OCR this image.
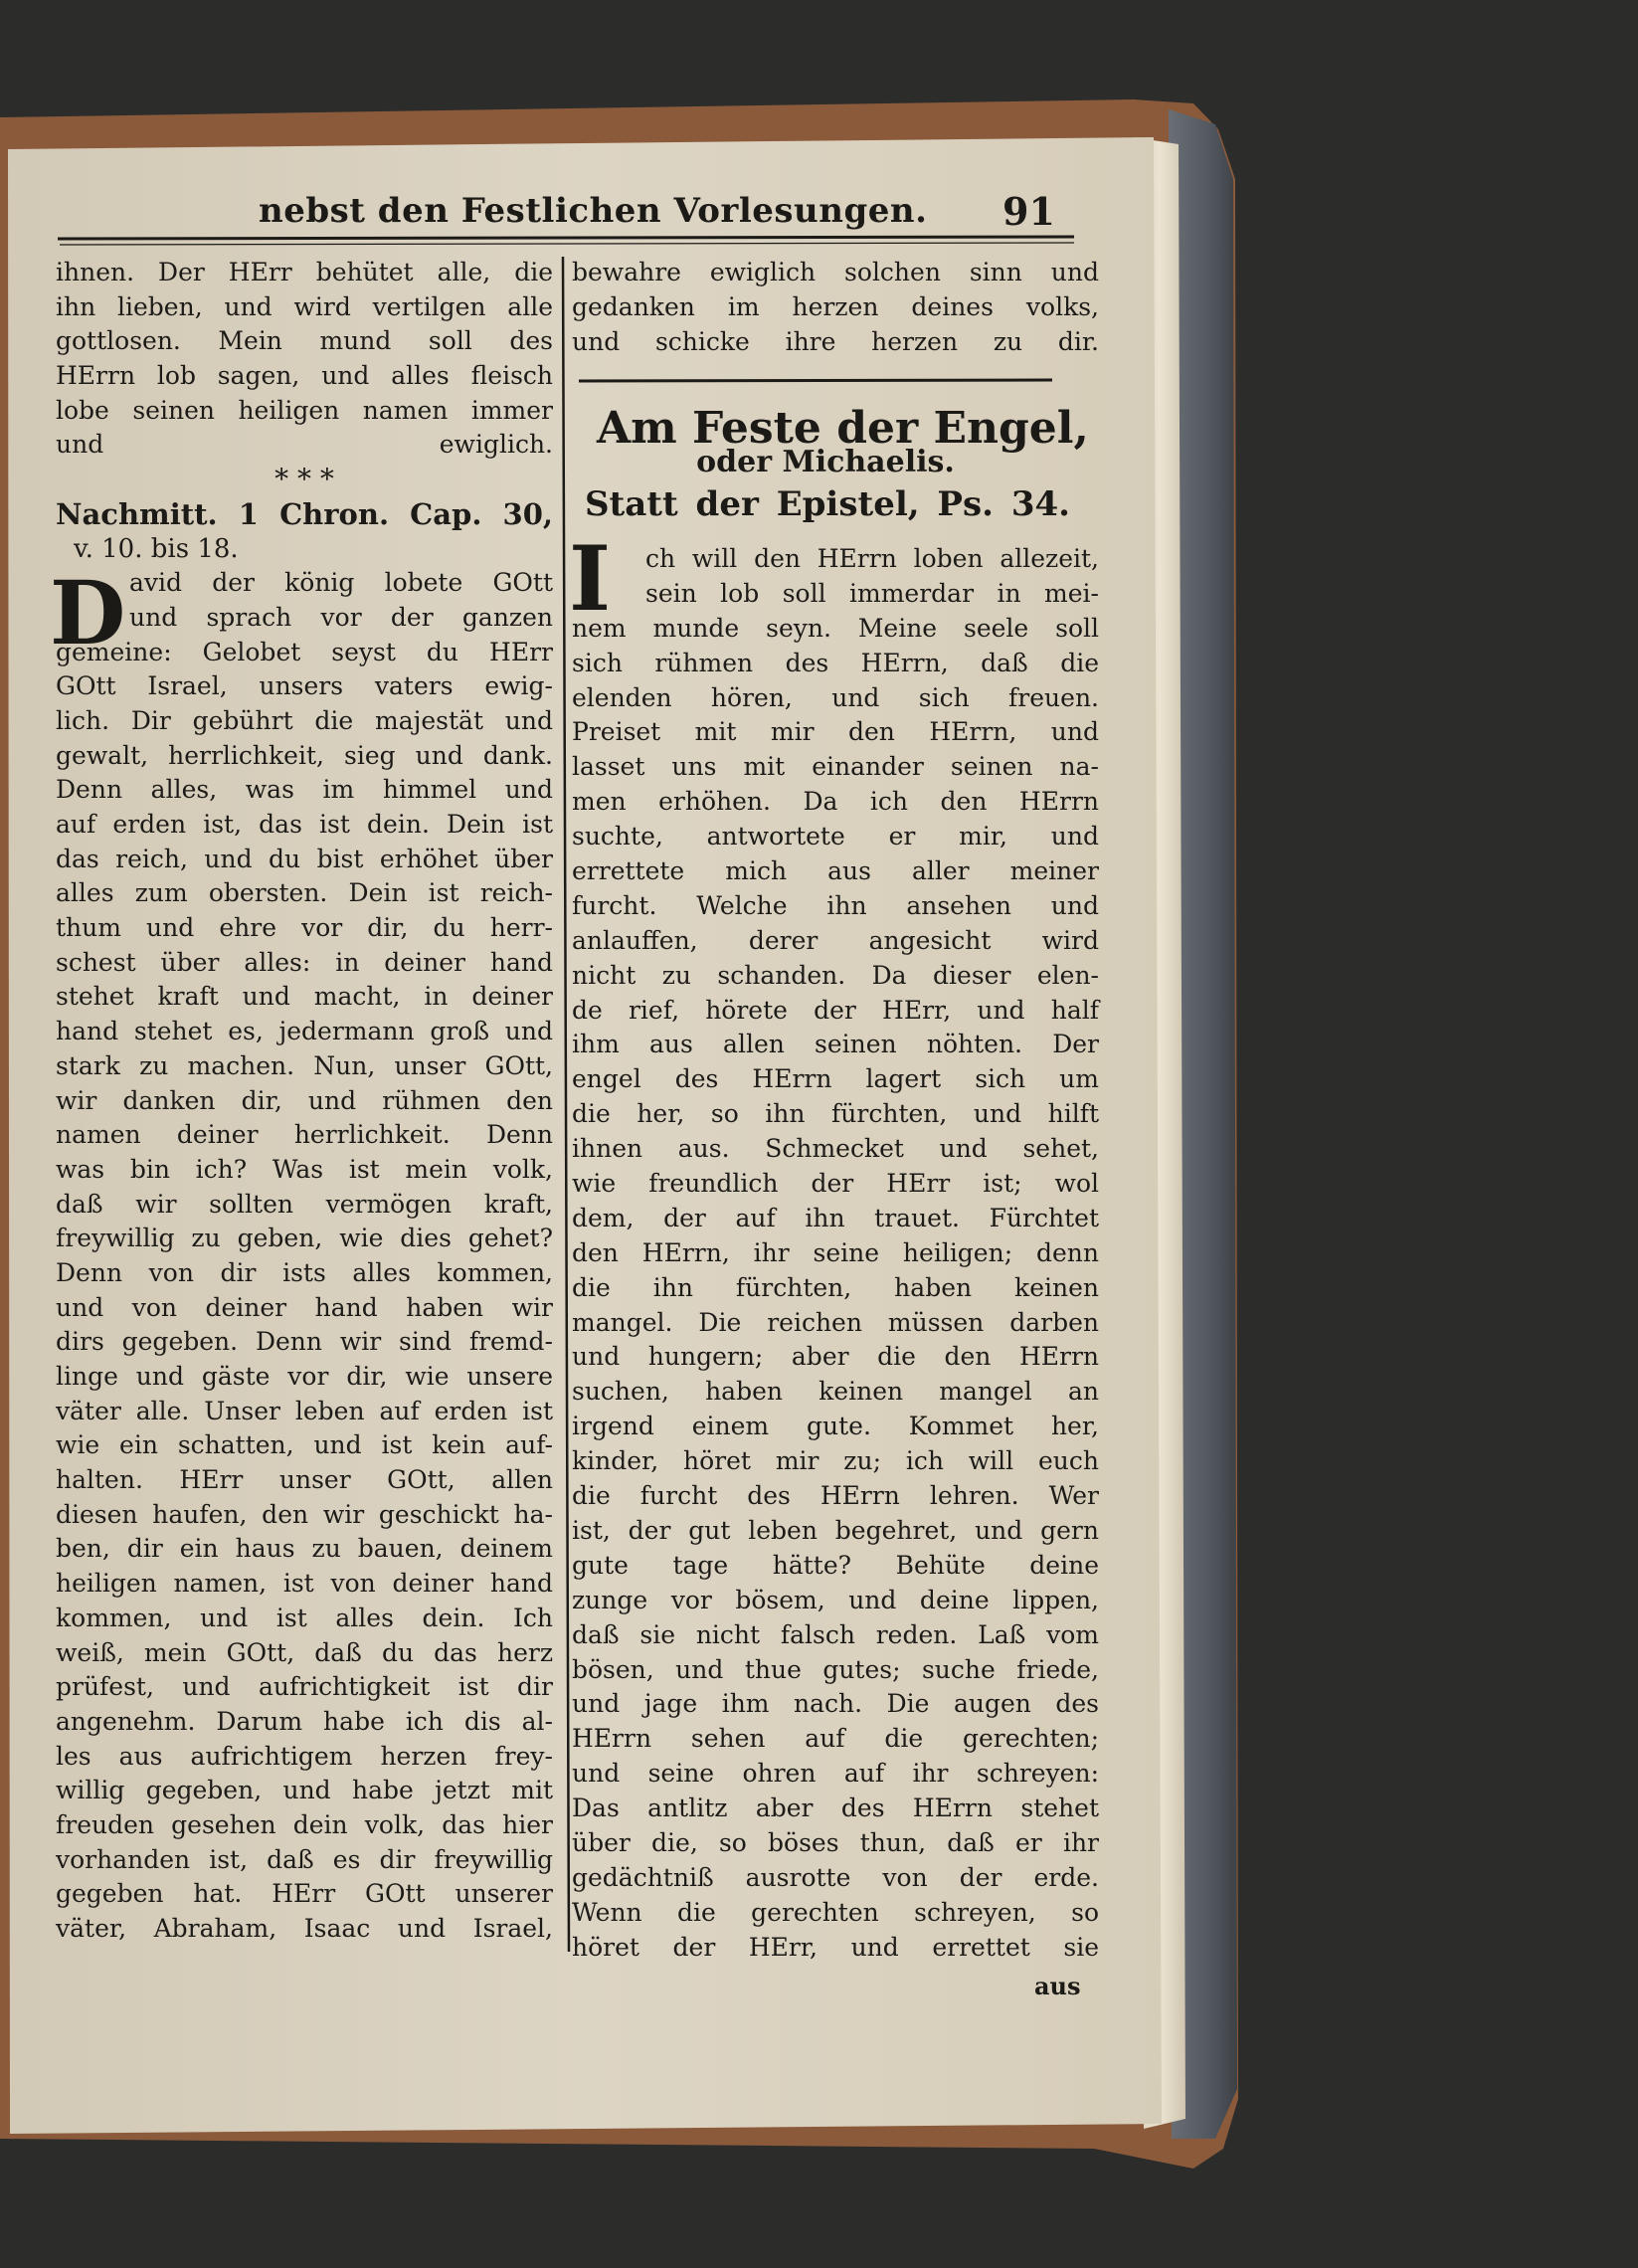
nebst den Festlichen Vorlesungen. 91
D
ihnen. Der HErr behütet alle, die
ihn lieben, und wird vertilgen alle
gottlosen. Mein mund soll des
HErrn lob sagen, und alles fleisch
lobe seinen heiligen namen immer
und ewiglich.
* * *
Nachmitt. 1 Chron. Cap. 30,
v. 10. bis 18.
avid der könig lobete GOtt
und sprach vor der ganzen
gemeine: Gelobet seyst du HErr
GOtt Israel, unsers vaters ewig-
lich. Dir gebührt die majestät und
gewalt, herrlichkeit, sieg und dank.
Denn alles, was im himmel und
auf erden ist, das ist dein. Dein ist
das reich, und du bist erhöhet über
alles zum obersten. Dein ist reich-
thum und ehre vor dir, du herr-
schest über alles: in deiner hand
stehet kraft und macht, in deiner
hand stehet es, jedermann groß und
stark zu machen. Nun, unser GOtt,
wir danken dir, und rühmen den
namen deiner herrlichkeit. Denn
was bin ich? Was ist mein volk,
daß wir sollten vermögen kraft,
freywillig zu geben, wie dies gehet?
Denn von dir ists alles kommen,
und von deiner hand haben wir
dirs gegeben. Denn wir sind fremd-
linge und gäste vor dir, wie unsere
väter alle. Unser leben auf erden ist
wie ein schatten, und ist kein auf-
halten. HErr unser GOtt, allen
diesen haufen, den wir geschickt ha-
ben, dir ein haus zu bauen, deinem
heiligen namen, ist von deiner hand
kommen, und ist alles dein. Ich
weiß, mein GOtt, daß du das herz
prüfest, und aufrichtigkeit ist dir
angenehm. Darum habe ich dis al-
les aus aufrichtigem herzen frey-
willig gegeben, und habe jetzt mit
freuden gesehen dein volk, das hier
vorhanden ist, daß es dir freywillig
gegeben hat. HErr GOtt unserer
väter, Abraham, Isaac und Israel,
bewahre ewiglich solchen sinn und
gedanken im herzen deines volks,
und schicke ihre herzen zu dir.
Am Feste der Engel,
oder Michaelis.
Statt der Epistel, Ps. 34.
I	ch will den HErrn loben allezeit,
sein lob soll immerdar in mei-
nem munde seyn. Meine seele soll
sich rühmen des HErrn, daß die
elenden hören, und sich freuen.
Preiset mit mir den HErrn, und
lasset uns mit einander seinen na-
men erhöhen. Da ich den HErrn
suchte, antwortete er mir, und
errettete mich aus aller meiner
furcht. Welche ihn ansehen und
anlauffen, derer angesicht wird
nicht zu schanden. Da dieser elen-
de rief, hörete der HErr, und half
ihm aus allen seinen nöhten. Der
engel des HErrn lagert sich um
die her, so ihn fürchten, und hilft
ihnen aus. Schmecket und sehet,
wie freundlich der HErr ist; wol
dem, der auf ihn trauet. Fürchtet
den HErrn, ihr seine heiligen; denn
die ihn fürchten, haben keinen
mangel. Die reichen müssen darben
und hungern; aber die den HErrn
suchen, haben keinen mangel an
irgend einem gute. Kommet her,
kinder, höret mir zu; ich will euch
die furcht des HErrn lehren. Wer
ist, der gut leben begehret, und gern
gute tage hätte? Behüte deine
zunge vor bösem, und deine lippen,
daß sie nicht falsch reden. Laß vom
bösen, und thue gutes; suche friede,
und jage ihm nach. Die augen des
HErrn sehen auf die gerechten;
und seine ohren auf ihr schreyen:
Das antlitz aber des HErrn stehet
über die, so böses thun, daß er ihr
gedächtniß ausrotte von der erde.
Wenn die gerechten schreyen, so
höret der HErr, und errettet sie
aus
